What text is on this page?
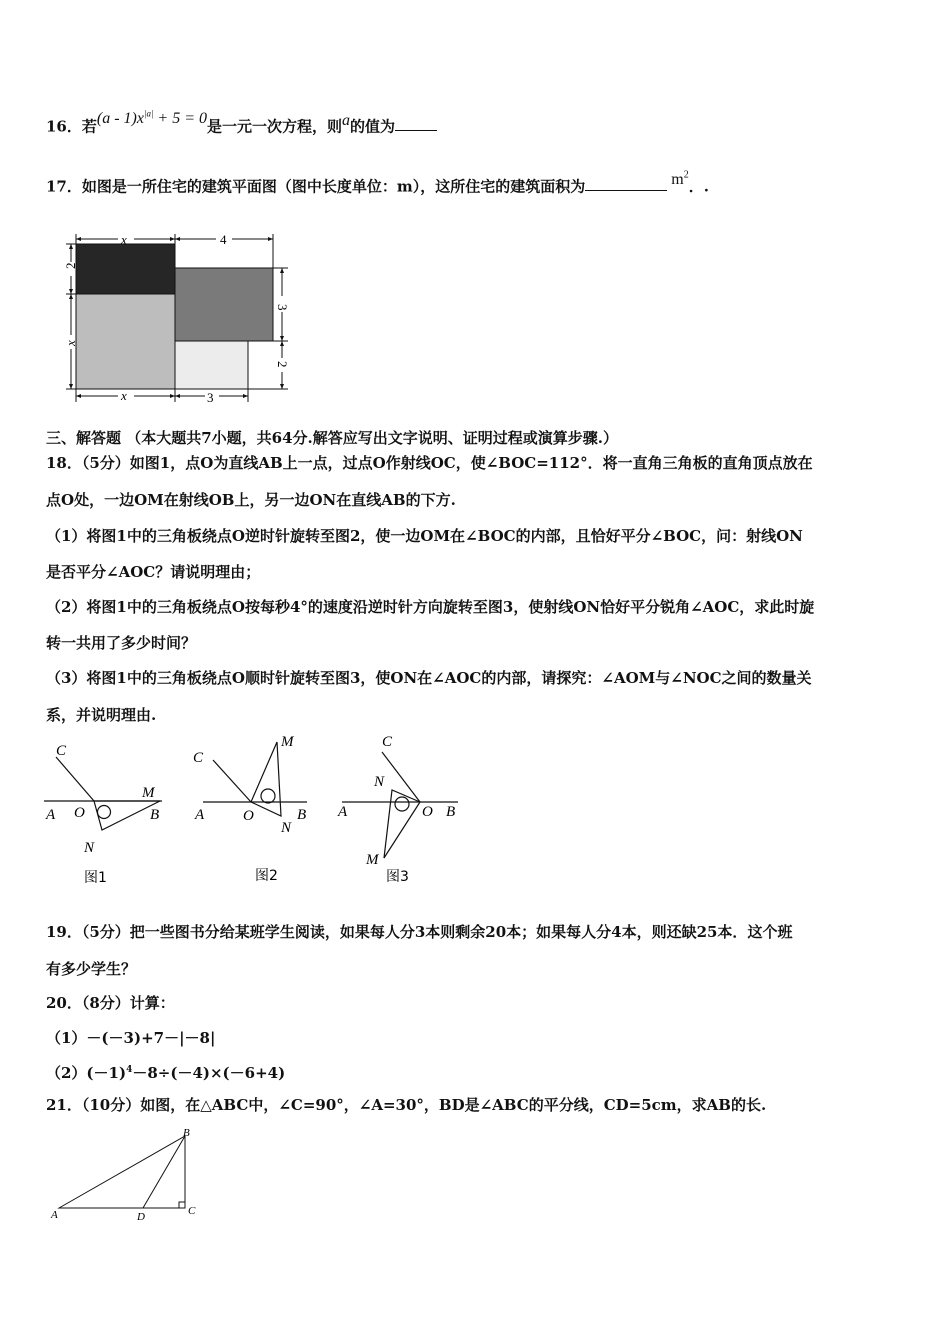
16．若$(a - 1)x^{|a|} + 5 = 0$是一元一次方程，则a的值为
17．如图是一所住宅的建筑平面图（图中长度单位：m），这所住宅的建筑面积为	$m^2$．.
x	4
2
x
3
2
x	3
三、解答题 （本大题共7小题，共64分.解答应写出文字说明、证明过程或演算步骤.）
18．（5分）如图1，点O为直线AB上一点，过点O作射线OC，使∠BOC=112°．将一直角三角板的直角顶点放在
点O处，一边OM在射线OB上，另一边ON在直线AB的下方.
（1）将图1中的三角板绕点O逆时针旋转至图2，使一边OM在∠BOC的内部，且恰好平分∠BOC，问：射线ON
是否平分∠AOC？请说明理由；
（2）将图1中的三角板绕点O按每秒4°的速度沿逆时针方向旋转至图3，使射线ON恰好平分锐角∠AOC，求此时旋
转一共用了多少时间？
（3）将图1中的三角板绕点O顺时针旋转至图3，使ON在∠AOC的内部，请探究：∠AOM与∠NOC之间的数量关
系，并说明理由.
C
A O
M
B
N
图1
C
A	O
M
B
N
图2
C
A
N
O B
M
图3
19．（5分）把一些图书分给某班学生阅读，如果每人分3本则剩余20本；如果每人分4本，则还缺25本．这个班
有多少学生？
20．（8分）计算：
（1）－(－3)+7－|－8|
$(2)(-1)^4-8\div(-4)\times(-6+4)$
21．（10分）如图，在△ABC中，∠C=90°，∠A=30°，BD是∠ABC的平分线，CD=5cm，求AB的长.
A
B
C
D
